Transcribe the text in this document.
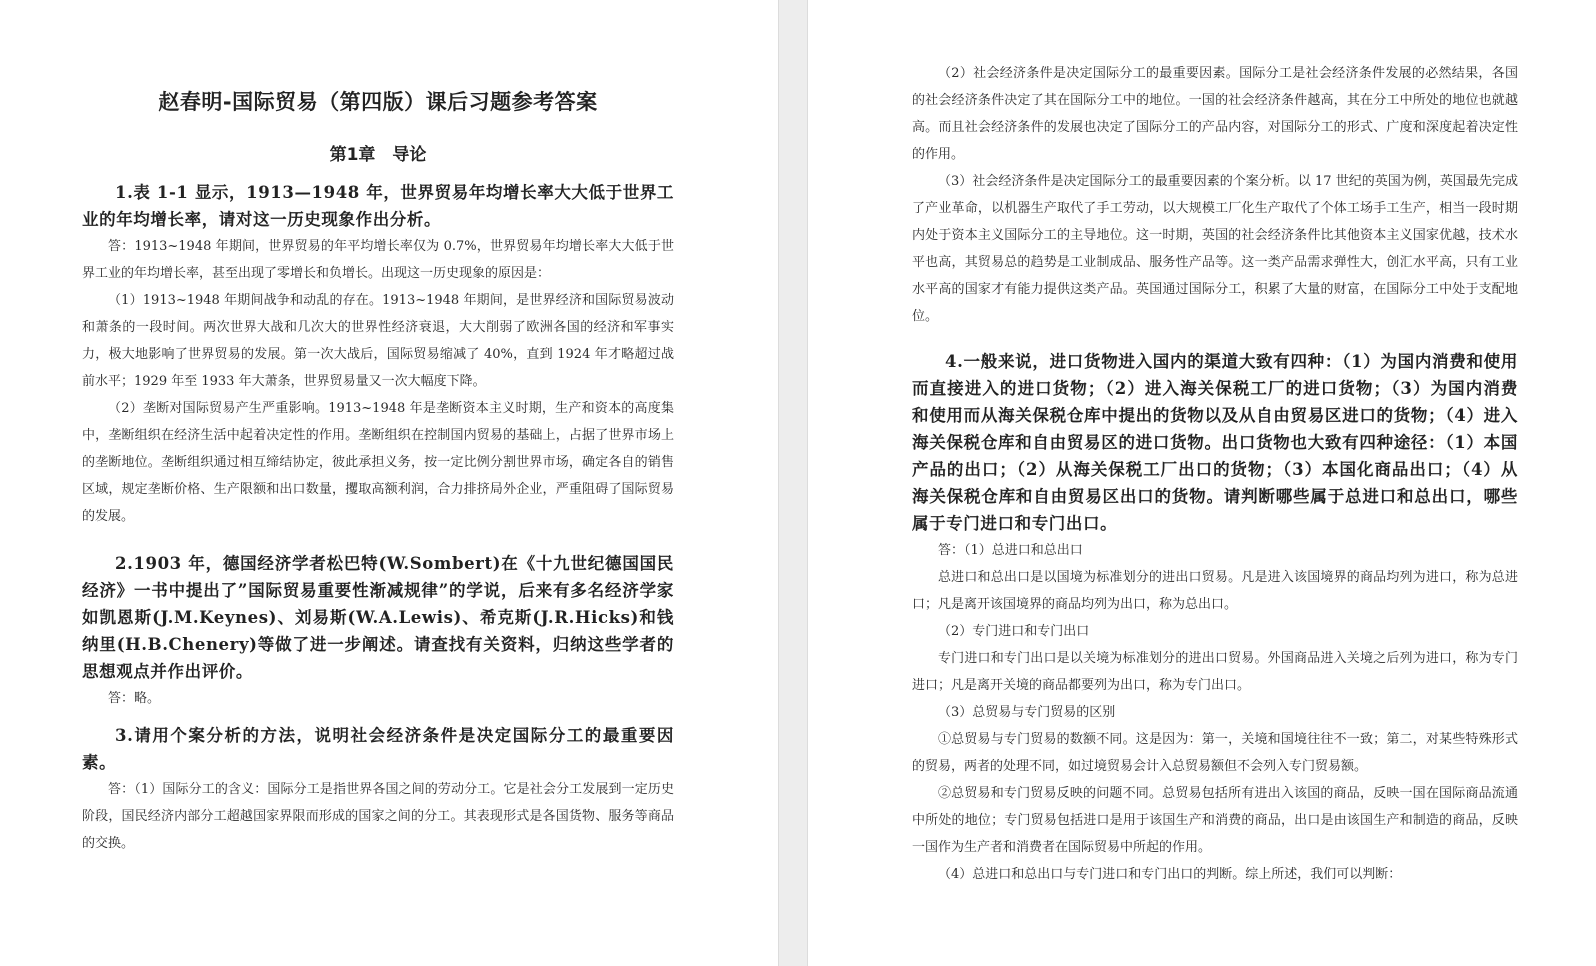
赵春明-国际贸易（第四版）课后习题参考答案
第1章　导论

1.表 1-1 显示，1913—1948 年，世界贸易年均增长率大大低于世界工业的年均增长率，请对这一历史现象作出分析。

答：1913~1948 年期间，世界贸易的年平均增长率仅为 0.7%，世界贸易年均增长率大大低于世界工业的年均增长率，甚至出现了零增长和负增长。出现这一历史现象的原因是：

（1）1913~1948 年期间战争和动乱的存在。1913~1948 年期间，是世界经济和国际贸易波动和萧条的一段时间。两次世界大战和几次大的世界性经济衰退，大大削弱了欧洲各国的经济和军事实力，极大地影响了世界贸易的发展。第一次大战后，国际贸易缩减了 40%，直到 1924 年才略超过战前水平；1929 年至 1933 年大萧条，世界贸易量又一次大幅度下降。

（2）垄断对国际贸易产生严重影响。1913~1948 年是垄断资本主义时期，生产和资本的高度集中，垄断组织在经济生活中起着决定性的作用。垄断组织在控制国内贸易的基础上，占据了世界市场上的垄断地位。垄断组织通过相互缔结协定，彼此承担义务，按一定比例分割世界市场，确定各自的销售区域，规定垄断价格、生产限额和出口数量，攫取高额利润，合力排挤局外企业，严重阻碍了国际贸易的发展。

2.1903 年，德国经济学者松巴特(W.Sombert)在《十九世纪德国国民经济》一书中提出了”国际贸易重要性渐减规律”的学说，后来有多名经济学家如凯恩斯(J.M.Keynes)、刘易斯(W.A.Lewis)、希克斯(J.R.Hicks)和钱纳里(H.B.Chenery)等做了进一步阐述。请查找有关资料，归纳这些学者的思想观点并作出评价。

答：略。

3.请用个案分析的方法，说明社会经济条件是决定国际分工的最重要因素。

答：（1）国际分工的含义：国际分工是指世界各国之间的劳动分工。它是社会分工发展到一定历史阶段，国民经济内部分工超越国家界限而形成的国家之间的分工。其表现形式是各国货物、服务等商品的交换。

（2）社会经济条件是决定国际分工的最重要因素。国际分工是社会经济条件发展的必然结果，各国的社会经济条件决定了其在国际分工中的地位。一国的社会经济条件越高，其在分工中所处的地位也就越高。而且社会经济条件的发展也决定了国际分工的产品内容，对国际分工的形式、广度和深度起着决定性的作用。

（3）社会经济条件是决定国际分工的最重要因素的个案分析。以 17 世纪的英国为例，英国最先完成了产业革命，以机器生产取代了手工劳动，以大规模工厂化生产取代了个体工场手工生产，相当一段时期内处于资本主义国际分工的主导地位。这一时期，英国的社会经济条件比其他资本主义国家优越，技术水平也高，其贸易总的趋势是工业制成品、服务性产品等。这一类产品需求弹性大，创汇水平高，只有工业水平高的国家才有能力提供这类产品。英国通过国际分工，积累了大量的财富，在国际分工中处于支配地位。

4.一般来说，进口货物进入国内的渠道大致有四种：（1）为国内消费和使用而直接进入的进口货物；（2）进入海关保税工厂的进口货物；（3）为国内消费和使用而从海关保税仓库中提出的货物以及从自由贸易区进口的货物；（4）进入海关保税仓库和自由贸易区的进口货物。出口货物也大致有四种途径：（1）本国产品的出口；（2）从海关保税工厂出口的货物；（3）本国化商品出口；（4）从海关保税仓库和自由贸易区出口的货物。请判断哪些属于总进口和总出口，哪些属于专门进口和专门出口。

答：（1）总进口和总出口

总进口和总出口是以国境为标准划分的进出口贸易。凡是进入该国境界的商品均列为进口，称为总进口；凡是离开该国境界的商品均列为出口，称为总出口。

（2）专门进口和专门出口

专门进口和专门出口是以关境为标准划分的进出口贸易。外国商品进入关境之后列为进口，称为专门进口；凡是离开关境的商品都要列为出口，称为专门出口。

（3）总贸易与专门贸易的区别

①总贸易与专门贸易的数额不同。这是因为：第一，关境和国境往往不一致；第二，对某些特殊形式的贸易，两者的处理不同，如过境贸易会计入总贸易额但不会列入专门贸易额。

②总贸易和专门贸易反映的问题不同。总贸易包括所有进出入该国的商品，反映一国在国际商品流通中所处的地位；专门贸易包括进口是用于该国生产和消费的商品，出口是由该国生产和制造的商品，反映一国作为生产者和消费者在国际贸易中所起的作用。

（4）总进口和总出口与专门进口和专门出口的判断。综上所述，我们可以判断：
